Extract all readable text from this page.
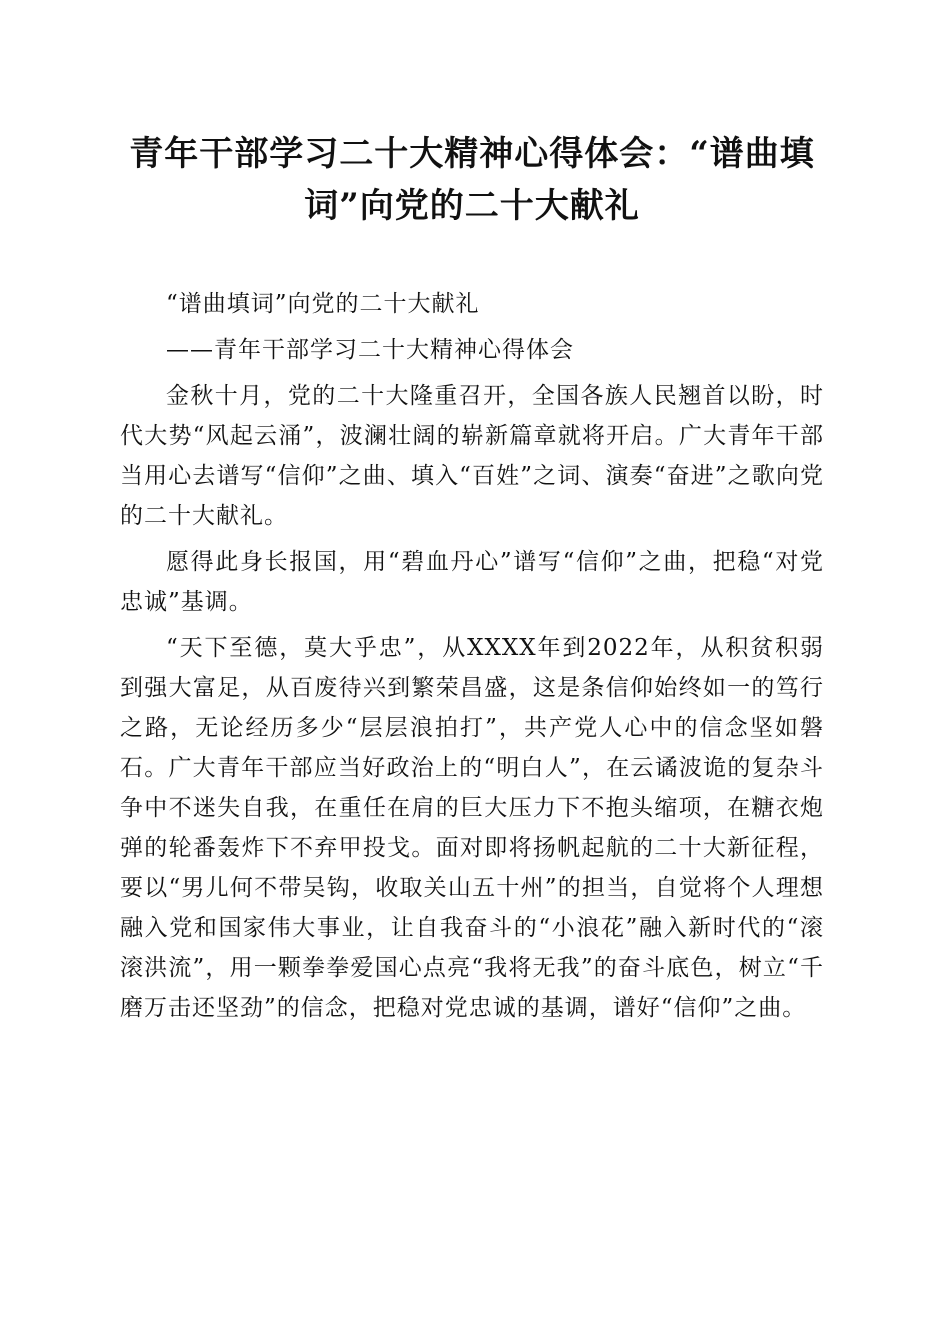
青年干部学习二十大精神心得体会：“谱曲填词”向党的二十大献礼

“谱曲填词”向党的二十大献礼

——青年干部学习二十大精神心得体会

金秋十月，党的二十大隆重召开，全国各族人民翘首以盼，时代大势“风起云涌”，波澜壮阔的崭新篇章就将开启。广大青年干部当用心去谱写“信仰”之曲、填入“百姓”之词、演奏“奋进”之歌向党的二十大献礼。

愿得此身长报国，用“碧血丹心”谱写“信仰”之曲，把稳“对党忠诚”基调。

“天下至德，莫大乎忠”，从XXXX年到2022年，从积贫积弱到强大富足，从百废待兴到繁荣昌盛，这是条信仰始终如一的笃行之路，无论经历多少“层层浪拍打”，共产党人心中的信念坚如磐石。广大青年干部应当好政治上的“明白人”，在云谲波诡的复杂斗争中不迷失自我，在重任在肩的巨大压力下不抱头缩项，在糖衣炮弹的轮番轰炸下不弃甲投戈。面对即将扬帆起航的二十大新征程，要以“男儿何不带吴钩，收取关山五十州”的担当，自觉将个人理想融入党和国家伟大事业，让自我奋斗的“小浪花”融入新时代的“滚滚洪流”，用一颗拳拳爱国心点亮“我将无我”的奋斗底色，树立“千磨万击还坚劲”的信念，把稳对党忠诚的基调，谱好“信仰”之曲。
